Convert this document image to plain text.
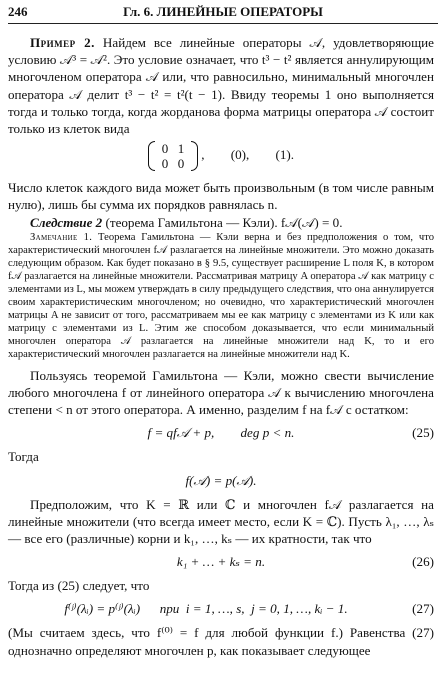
246	Гл. 6. ЛИНЕЙНЫЕ ОПЕРАТОРЫ

Пример 2. Найдем все линейные операторы 𝒜, удовлетворяющие условию 𝒜³ = 𝒜². Это условие означает, что t³ − t² является аннулирующим многочленом оператора 𝒜 или, что равносильно, минимальный многочлен оператора 𝒜 делит t³ − t² = t²(t − 1). Ввиду теоремы 1 оно выполняется тогда и только тогда, когда жорданова форма матрицы оператора 𝒜 состоит только из клеток вида

0 1
0 0
,        (0),        (1).

Число клеток каждого вида может быть произвольным (в том числе равным нулю), лишь бы сумма их порядков равнялась n.

Следствие 2 (теорема Гамильтона — Кэли). f𝒜(𝒜) = 0.

Замечание 1. Теорема Гамильтона — Кэли верна и без предположения о том, что характеристический многочлен f𝒜 разлагается на линейные множители. Это можно доказать следующим образом. Как будет показано в § 9.5, существует расширение L поля K, в котором f𝒜 разлагается на линейные множители. Рассматривая матрицу A оператора 𝒜 как матрицу с элементами из L, мы можем утверждать в силу предыдущего следствия, что она аннулируется своим характеристическим многочленом; но очевидно, что характеристический многочлен матрицы A не зависит от того, рассматриваем мы ее как матрицу с элементами из K или как матрицу с элементами из L. Этим же способом доказывается, что если минимальный многочлен оператора 𝒜 разлагается на линейные множители над K, то и его характеристический многочлен разлагается на линейные множители над K.

Пользуясь теоремой Гамильтона — Кэли, можно свести вычисление любого многочлена f от линейного оператора 𝒜 к вычислению многочлена степени < n от этого оператора. А именно, разделим f на f𝒜 с остатком:

f = qf𝒜 + p,        deg p < n.	(25)

Тогда

f(𝒜) = p(𝒜).

Предположим, что K = ℝ или ℂ и многочлен f𝒜 разлагается на линейные множители (что всегда имеет место, если K = ℂ). Пусть λ₁, …, λₛ — все его (различные) корни и k₁, …, kₛ — их кратности, так что

k₁ + … + kₛ = n.	(26)

Тогда из (25) следует, что

f⁽ʲ⁾(λᵢ) = p⁽ʲ⁾(λᵢ)      при  i = 1, …, s,  j = 0, 1, …, kᵢ − 1.	(27)

(Мы считаем здесь, что f⁽⁰⁾ = f для любой функции f.) Равенства (27) однозначно определяют многочлен p, как показывает следующее
